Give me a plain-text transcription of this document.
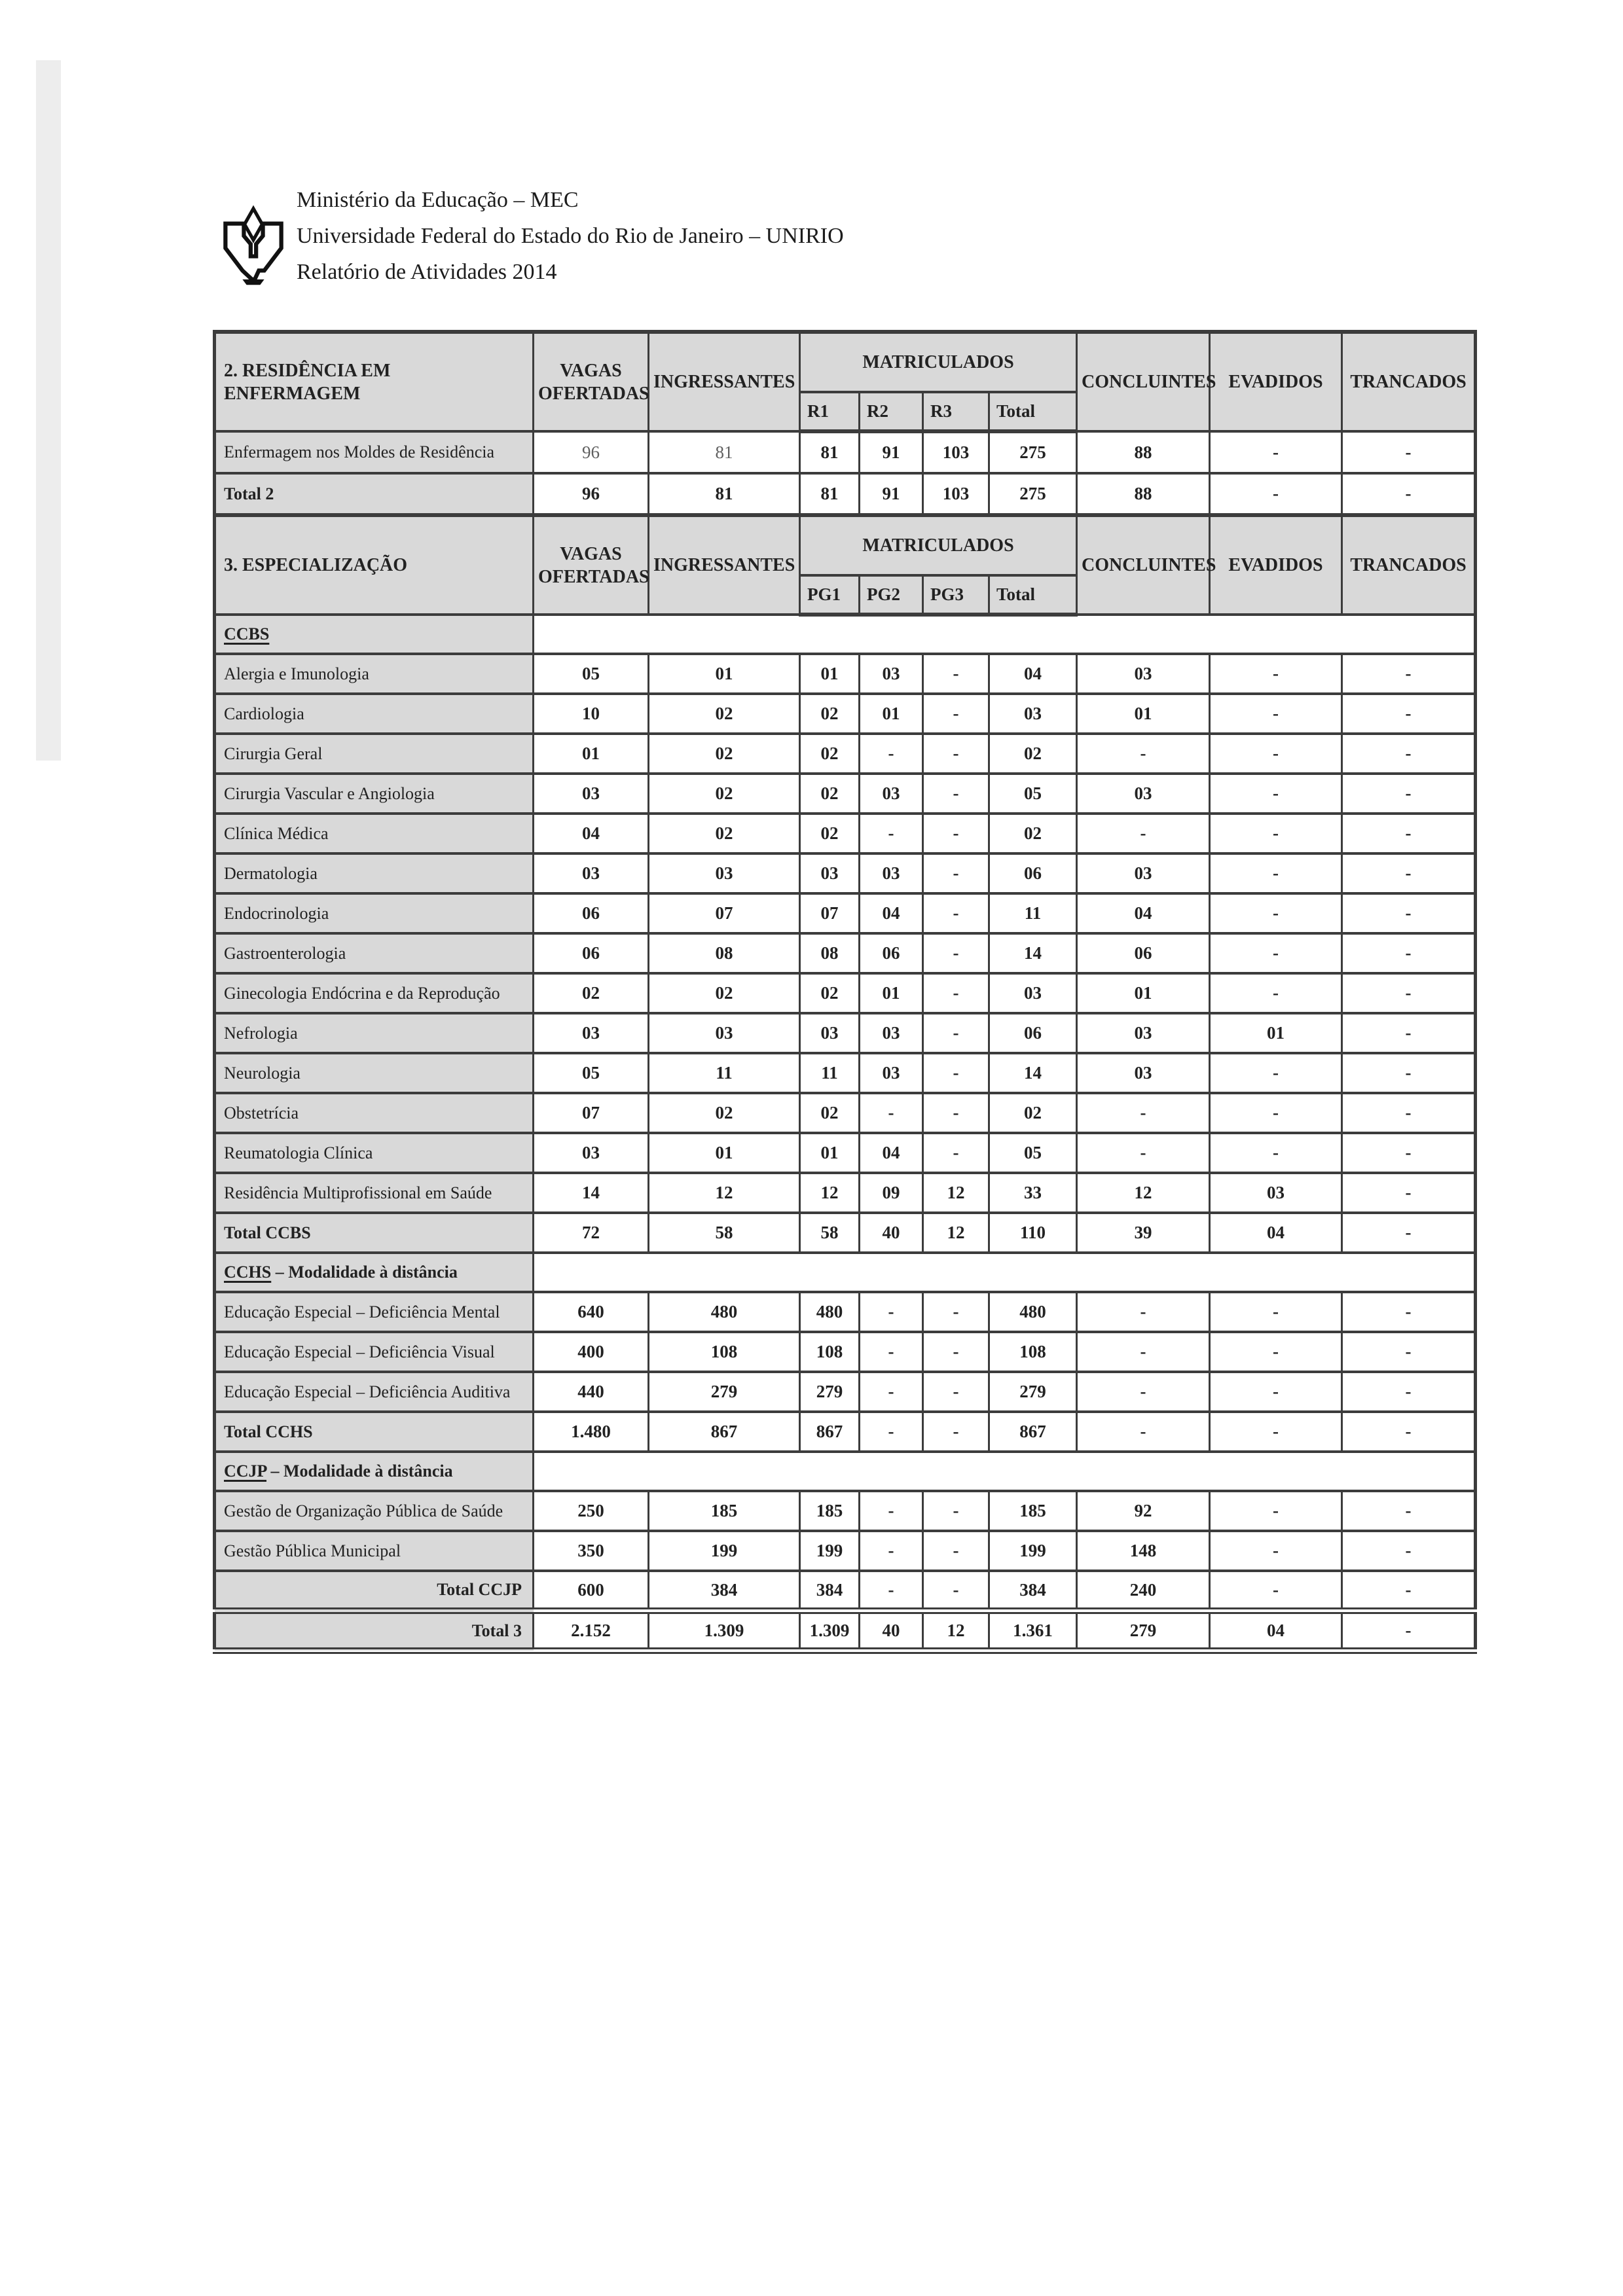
Ministério da Educação – MEC
Universidade Federal do Estado do Rio de Janeiro – UNIRIO
Relatório de Atividades 2014
2. RESIDÊNCIA EM ENFERMAGEM	VAGAS OFERTADAS	INGRESSANTES	MATRICULADOS				CONCLUINTES	EVADIDOS	TRANCADOS
			R1	R2	R3	Total			
Enfermagem nos Moldes de Residência	96	81	81	91	103	275	88	-	-
Total 2	96	81	81	91	103	275	88	-	-
3. ESPECIALIZAÇÃO	VAGAS OFERTADAS	INGRESSANTES	MATRICULADOS				CONCLUINTES	EVADIDOS	TRANCADOS
			PG1	PG2	PG3	Total			
CCBS									
Alergia e Imunologia	05	01	01	03	-	04	03	-	-
Cardiologia	10	02	02	01	-	03	01	-	-
Cirurgia Geral	01	02	02	-	-	02	-	-	-
Cirurgia Vascular e Angiologia	03	02	02	03	-	05	03	-	-
Clínica Médica	04	02	02	-	-	02	-	-	-
Dermatologia	03	03	03	03	-	06	03	-	-
Endocrinologia	06	07	07	04	-	11	04	-	-
Gastroenterologia	06	08	08	06	-	14	06	-	-
Ginecologia Endócrina e da Reprodução	02	02	02	01	-	03	01	-	-
Nefrologia	03	03	03	03	-	06	03	01	-
Neurologia	05	11	11	03	-	14	03	-	-
Obstetrícia	07	02	02	-	-	02	-	-	-
Reumatologia Clínica	03	01	01	04	-	05	-	-	-
Residência Multiprofissional em Saúde	14	12	12	09	12	33	12	03	-
Total CCBS	72	58	58	40	12	110	39	04	-
CCHS – Modalidade à distância									
Educação Especial – Deficiência Mental	640	480	480	-	-	480	-	-	-
Educação Especial – Deficiência Visual	400	108	108	-	-	108	-	-	-
Educação Especial – Deficiência Auditiva	440	279	279	-	-	279	-	-	-
Total CCHS	1.480	867	867	-	-	867	-	-	-
CCJP – Modalidade à distância									
Gestão de Organização Pública de Saúde	250	185	185	-	-	185	92	-	-
Gestão Pública Municipal	350	199	199	-	-	199	148	-	-
Total CCJP	600	384	384	-	-	384	240	-	-
Total 3	2.152	1.309	1.309	40	12	1.361	279	04	-
